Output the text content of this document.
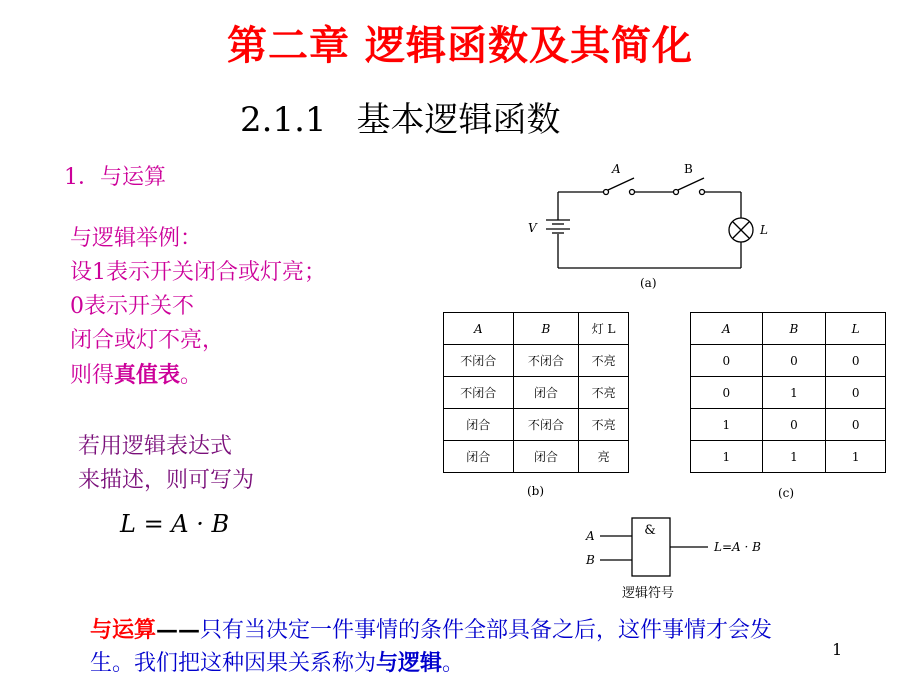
第二章 逻辑函数及其简化
2.1.1 基本逻辑函数
1．与运算
与逻辑举例：
设1表示开关闭合或灯亮；
0表示开关不
闭合或灯不亮，
则得真值表。
若用逻辑表达式
来描述，则可写为
L = A · B
A	B
V	L
(a)
A	B	灯 L
不闭合	不闭合	不亮
不闭合	闭合	不亮
闭合	不闭合	不亮
闭合	闭合	亮
(b)
A	B	L
0	0	0
0	1	0
1	0	0
1	1	1
(c)
A
B
&
L=A · B
逻辑符号
与运算——只有当决定一件事情的条件全部具备之后，这件事情才会发生。我们把这种因果关系称为与逻辑。
1
